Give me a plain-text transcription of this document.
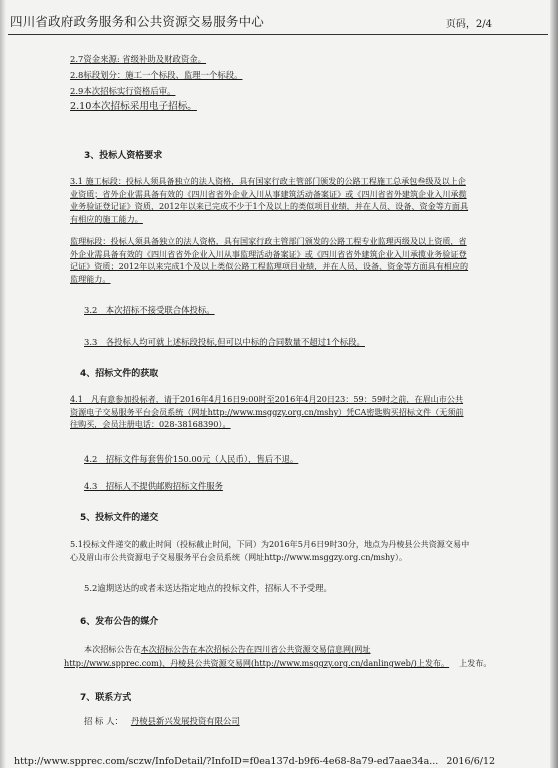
四川省政府政务服务和公共资源交易服务中心	页码，2/4
2.7资金来源: 省级补助及财政资金。
2.8标段划分：施工一个标段、监理一个标段。
2.9本次招标实行资格后审。
2.10本次招标采用电子招标。
3、投标人资格要求
3.1 施工标段：投标人须具备独立的法人资格，具有国家行政主管部门颁发的公路工程施工总承包叁级及以上企业资质；省外企业需具备有效的《四川省省外企业入川从事建筑活动备案证》或《四川省省外建筑企业入川承揽业务验证登记证》资质，2012年以来已完成不少于1个及以上的类似项目业绩，并在人员、设备、资金等方面具有相应的施工能力。
监理标段：投标人须具备独立的法人资格，具有国家行政主管部门颁发的公路工程专业监理丙级及以上资质，省外企业需具备有效的《四川省省外企业入川从事监理活动备案证》或《四川省省外建筑企业入川承揽业务验证登记证》资质；2012年以来完成1个及以上类似公路工程监理项目业绩，并在人员、设备、资金等方面具有相应的监理能力。
3.2　本次招标不接受联合体投标。
3.3　各投标人均可就上述标段投标,但可以中标的合同数量不超过1个标段。
4、招标文件的获取
4.1　凡有意参加投标者，请于2016年4月16日9:00时至2016年4月20日23：59：59时之前，在眉山市公共资源电子交易服务平台会员系统（网址http://www.msggzy.org.cn/mshy）凭CA密匙购买招标文件（无须前往购买，会员注册电话：028-38168390）。
4.2　招标文件每套售价150.00元（人民币），售后不退。
4.3　招标人不提供邮购招标文件服务
5、投标文件的递交
5.1投标文件递交的截止时间（投标截止时间，下同）为2016年5月6日9时30分，地点为丹棱县公共资源交易中心及眉山市公共资源电子交易服务平台会员系统（网址http://www.msggzy.org.cn/mshy）。
5.2逾期送达的或者未送达指定地点的投标文件，招标人不予受理。
6、发布公告的媒介
本次招标公告在本次招标公告在本次招标公告在四川省公共资源交易信息网(网址
http://www.spprec.com)、丹棱县公共资源交易网(http://www.msggzy.org.cn/danlingweb/)上发布。 上发布。
7、联系方式
招 标 人： 丹棱县新兴发展投资有限公司
http://www.spprec.com/sczw/InfoDetail/?InfoID=f0ea137d-b9f6-4e68-8a79-ed7aae34a... 2016/6/12
